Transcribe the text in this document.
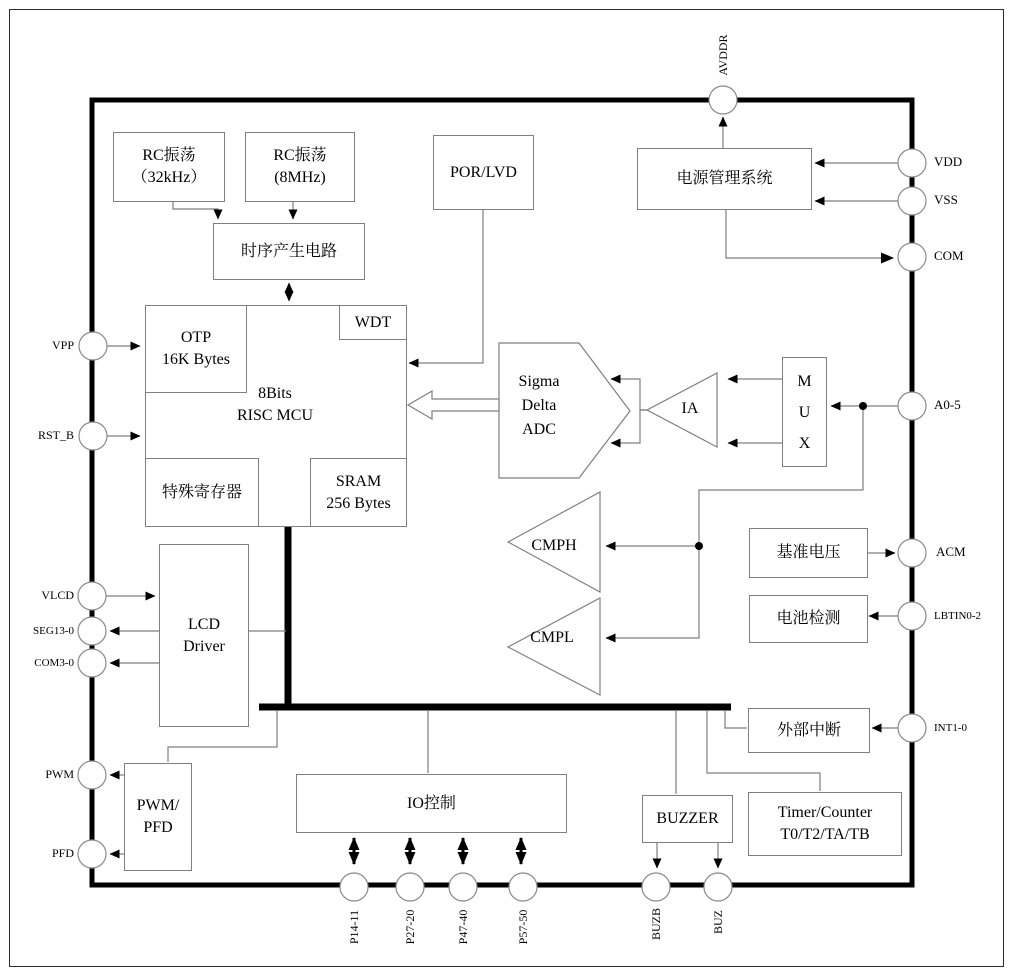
RC振荡
（32kHz）
RC振荡
(8MHz)
时序产生电路
POR/LVD	电源管理系统
8Bits
RISC MCU
OTP
16K Bytes
WDT
特殊寄存器
SRAM
256 Bytes
Sigma
Delta
ADC
IA
M
U
X
CMPH
CMPL
基准电压
电池检测
外部中断
LCD
Driver
PWM/
PFD
IO控制
BUZZER	Timer/Counter
T0/T2/TA/TB
AVDDR
VDD
VSS
COM
A0-5
ACM
LBTIN0-2
INT1-0
VPP
RST_B
VLCD
SEG13-0
COM3-0
PWM
PFD
P14-11	P27-20	P47-40	P57-50	BUZB	BUZ
